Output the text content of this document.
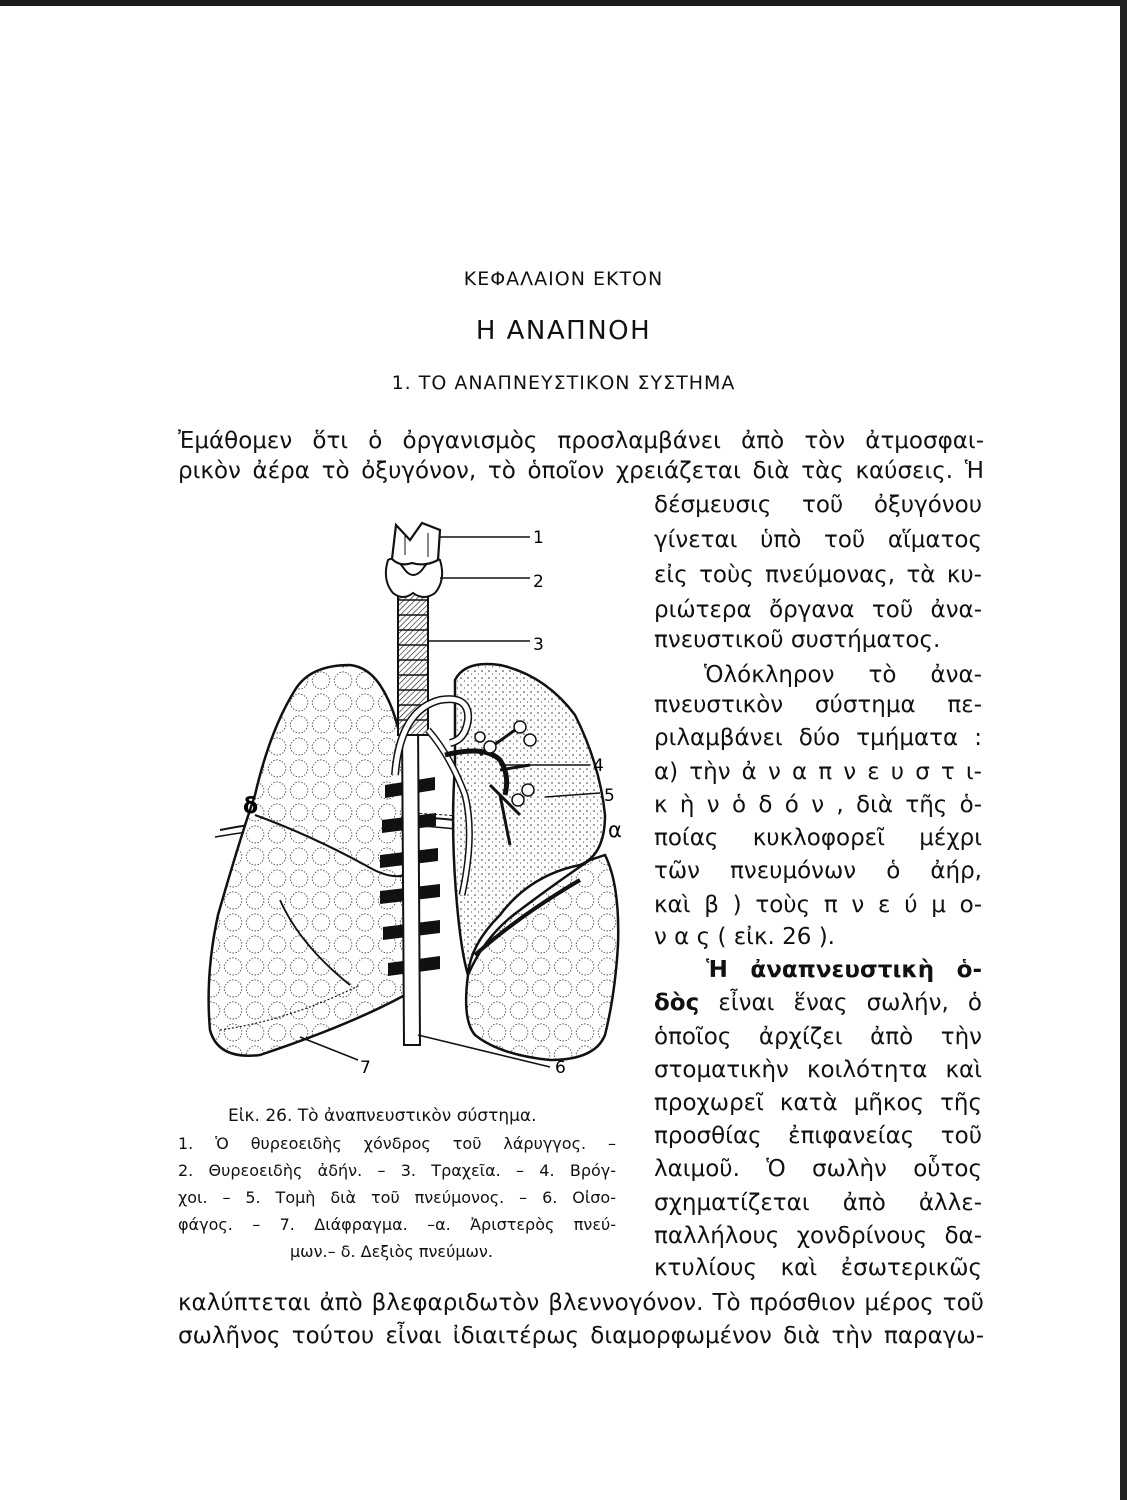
ΚΕΦΑΛΑΙΟΝ ΕΚΤΟΝ
Η ΑΝΑΠΝΟΗ
1. ΤΟ ΑΝΑΠΝΕΥΣΤΙΚΟΝ ΣΥΣΤΗΜΑ
Ἐμάθομεν ὅτι ὁ ὀργανισμὸς προσλαμβάνει ἀπὸ τὸν ἀτμοσφαι-
ρικὸν ἀέρα τὸ ὀξυγόνον, τὸ ὁποῖον χρειάζεται διὰ τὰς καύσεις. Ἡ
δέσμευσις τοῦ ὀξυγόνου
γίνεται ὑπὸ τοῦ αἵματος
εἰς τοὺς πνεύμονας, τὰ κυ-
ριώτερα ὄργανα τοῦ ἀνα-
πνευστικοῦ συστήματος.
Ὁλόκληρον τὸ ἀνα-
πνευστικὸν σύστημα πε-
ριλαμβάνει δύο τμήματα :
α) τὴν ἀ ν α π ν ε υ σ τ ι-
κ ὴ ν ὁ δ ό ν , διὰ τῆς ὁ-
ποίας κυκλοφορεῖ μέχρι
τῶν πνευμόνων ὁ ἀήρ,
καὶ β ) τοὺς π ν ε ύ μ ο-
ν α ς ( εἰκ. 26 ).
Ἡ ἀναπνευστικὴ ὁ-
δὸς εἶναι ἕνας σωλήν, ὁ
ὁποῖος ἀρχίζει ἀπὸ τὴν
στοματικὴν κοιλότητα καὶ
προχωρεῖ κατὰ μῆκος τῆς
προσθίας ἐπιφανείας τοῦ
λαιμοῦ. Ὁ σωλὴν οὗτος
σχηματίζεται ἀπὸ ἀλλε-
παλλήλους χονδρίνους δα-
κτυλίους καὶ ἐσωτερικῶς
καλύπτεται ἀπὸ βλεφαριδωτὸν βλεννογόνον. Τὸ πρόσθιον μέρος τοῦ
σωλῆνος τούτου εἶναι ἰδιαιτέρως διαμορφωμένον διὰ τὴν παραγω-
1
2
3
4
5
6
7
α
δ
Εἰκ. 26. Τὸ ἀναπνευστικὸν σύστημα.
1. Ὁ θυρεοειδὴς χόνδρος τοῦ λάρυγγος. –
2. Θυρεοειδὴς ἀδήν. – 3. Τραχεῖα. – 4. Βρόγ-
χοι. – 5. Τομὴ διὰ τοῦ πνεύμονος. – 6. Οἰσο-
φάγος. – 7. Διάφραγμα. –α. Ἀριστερὸς πνεύ-
μων.– δ. Δεξιὸς πνεύμων.
